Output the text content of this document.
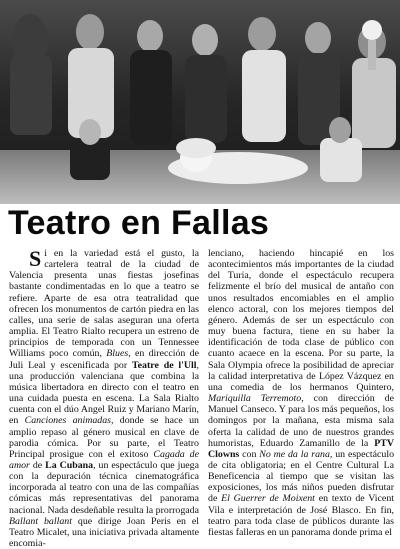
Teatro en Fallas

Si en la variedad está el gusto, la cartelera teatral de la ciudad de Valencia presenta unas fiestas josefinas bastante condimentadas en lo que a teatro se refiere. Aparte de esa otra teatralidad que ofrecen los monumentos de cartón piedra en las calles, una serie de salas aseguran una oferta amplia. El Teatro Rialto recupera un estreno de principios de temporada con un Tennessee Williams poco común, Blues, en dirección de Juli Leal y escenificada por Teatre de l'Ull, una producción valenciana que combina la música libertadora en directo con el teatro en una cuidada puesta en escena. La Sala Rialto cuenta con el dúo Angel Ruiz y Mariano Marín, en Canciones animadas, donde se hace un amplio repaso al género musical en clave de parodia cómica. Por su parte, el Teatro Principal prosigue con el exitoso Cagada de amor de La Cubana, un espectáculo que juega con la depuración técnica cinematográfica incorporada al teatro con una de las compañías cómicas más representativas del panorama nacional. Nada desdeñable resulta la prorrogada Ballant ballant que dirige Joan Peris en el Teatro Micalet, una iniciativa privada altamente encomia-

lenciano, haciendo hincapié en los acontecimientos más importantes de la ciudad del Turia, donde el espectáculo recupera felizmente el brío del musical de antaño con unos resultados encomiables en el amplio elenco actoral, con los mejores tiempos del género. Además de ser un espectáculo con muy buena factura, tiene en su haber la identificación de toda clase de público con cuanto acaece en la escena. Por su parte, la Sala Olympia ofrece la posibilidad de apreciar la calidad interpretativa de López Vázquez en una comedia de los hermanos Quintero, Mariquilla Terremoto, con dirección de Manuel Canseco. Y para los más pequeños, los domingos por la mañana, esta misma sala oferta la calidad de uno de nuestros grandes humoristas, Eduardo Zamanillo de la PTV Clowns con No me da la rana, un espectáculo de cita obligatoria; en el Centre Cultural La Beneficencia al tiempo que se visitan las exposiciones, los más niños pueden disfrutar de El Guerrer de Moixent en texto de Vicent Vila e interpretación de José Blasco. En fin, teatro para toda clase de públicos durante las fiestas falleras en un panorama donde prima el
